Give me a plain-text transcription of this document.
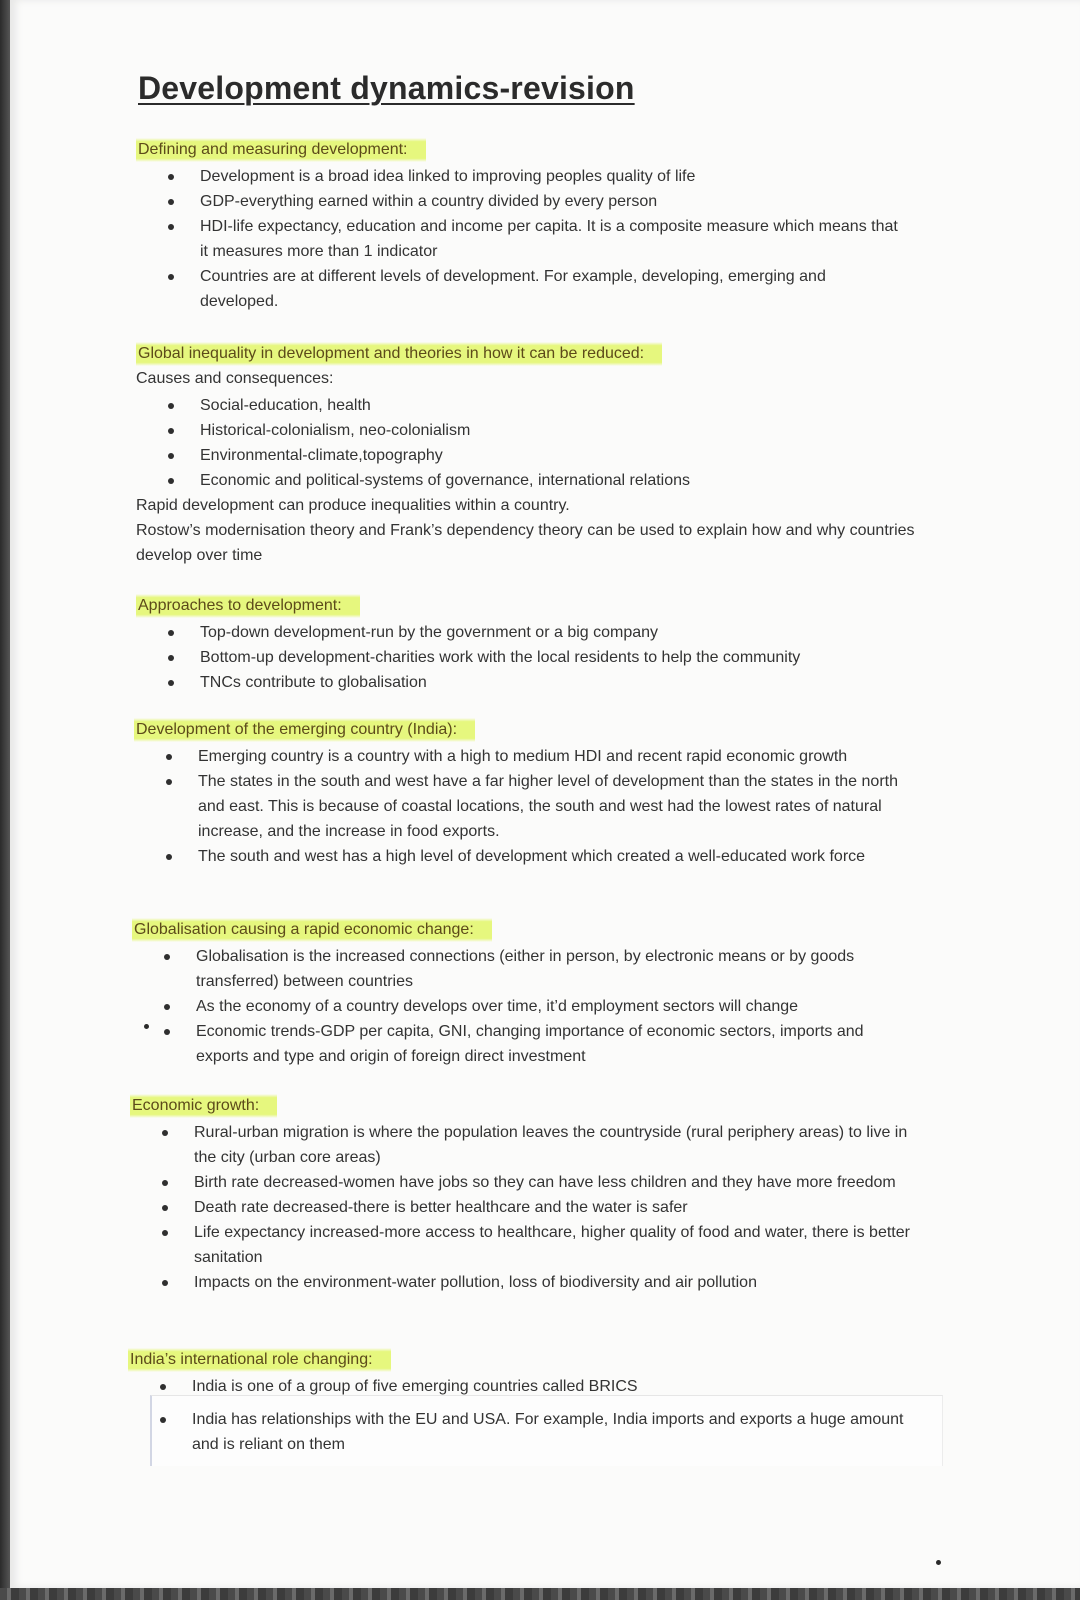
Development dynamics-revision
Defining and measuring development:
Development is a broad idea linked to improving peoples quality of life
GDP-everything earned within a country divided by every person
HDI-life expectancy, education and income per capita. It is a composite measure which means that it measures more than 1 indicator
Countries are at different levels of development. For example, developing, emerging and developed.
Global inequality in development and theories in how it can be reduced:

Causes and consequences:

Social-education, health
Historical-colonialism, neo-colonialism
Environmental-climate,topography
Economic and political-systems of governance, international relations

Rapid development can produce inequalities within a country.

Rostow’s modernisation theory and Frank’s dependency theory can be used to explain how and why countries develop over time

Approaches to development:
Top-down development-run by the government or a big company
Bottom-up development-charities work with the local residents to help the community
TNCs contribute to globalisation
Development of the emerging country (India):
Emerging country is a country with a high to medium HDI and recent rapid economic growth
The states in the south and west have a far higher level of development than the states in the north and east. This is because of coastal locations, the south and west had the lowest rates of natural increase, and the increase in food exports.
The south and west has a high level of development which created a well-educated work force
Globalisation causing a rapid economic change:
Globalisation is the increased connections (either in person, by electronic means or by goods transferred) between countries
As the economy of a country develops over time, it’d employment sectors will change
Economic trends-GDP per capita, GNI, changing importance of economic sectors, imports and exports and type and origin of foreign direct investment
Economic growth:
Rural-urban migration is where the population leaves the countryside (rural periphery areas) to live in the city (urban core areas)
Birth rate decreased-women have jobs so they can have less children and they have more freedom
Death rate decreased-there is better healthcare and the water is safer
Life expectancy increased-more access to healthcare, higher quality of food and water, there is better sanitation
Impacts on the environment-water pollution, loss of biodiversity and air pollution
India’s international role changing:
India is one of a group of five emerging countries called BRICS
India has relationships with the EU and USA. For example, India imports and exports a huge amount and is reliant on them
